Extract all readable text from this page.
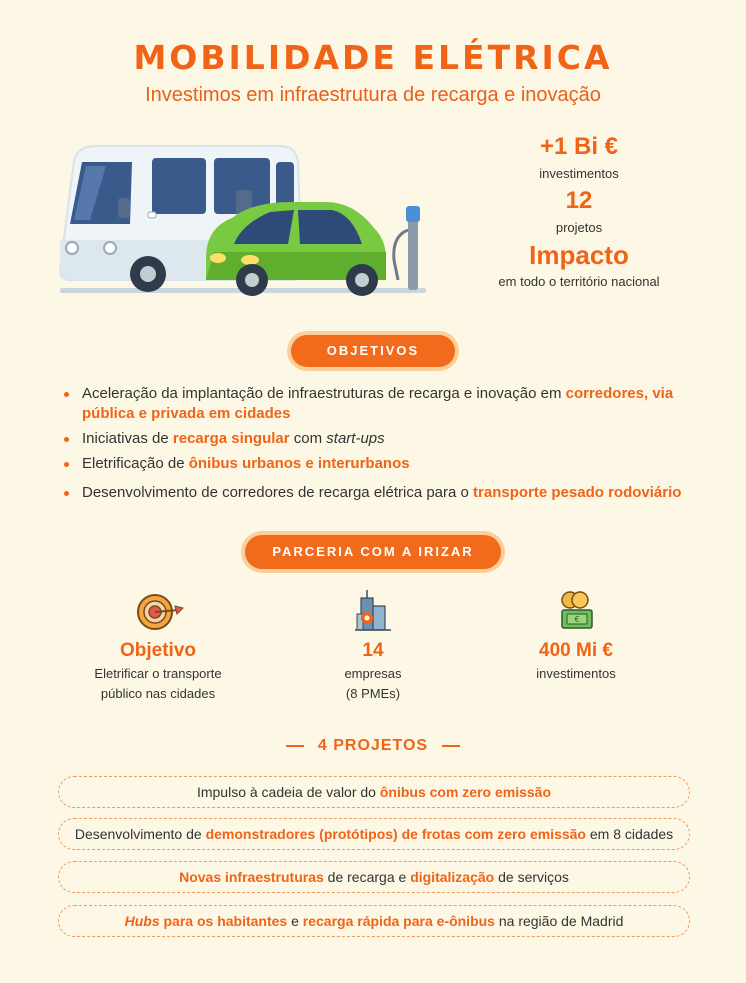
MOBILIDADE ELÉTRICA
Investimos em infraestrutura de recarga e inovação
+1 Bi €
investimentos
12
projetos
Impacto
em todo o território nacional
OBJETIVOS
Aceleração da implantação de infraestruturas de recarga e inovação em corredores, via pública e privada em cidades
Iniciativas de recarga singular com start-ups
Eletrificação de ônibus urbanos e interurbanos
Desenvolvimento de corredores de recarga elétrica para o transporte pesado rodoviário
PARCERIA COM A IRIZAR
Objetivo
Eletrificar o transporte
público nas cidades
14
empresas
(8 PMEs)
€
400 Mi €
investimentos
4 PROJETOS
Impulso à cadeia de valor do ônibus com zero emissão
Desenvolvimento de demonstradores (protótipos) de frotas com zero emissão em 8 cidades
Novas infraestruturas de recarga e digitalização de serviços
Hubs para os habitantes e recarga rápida para e-ônibus na região de Madrid
